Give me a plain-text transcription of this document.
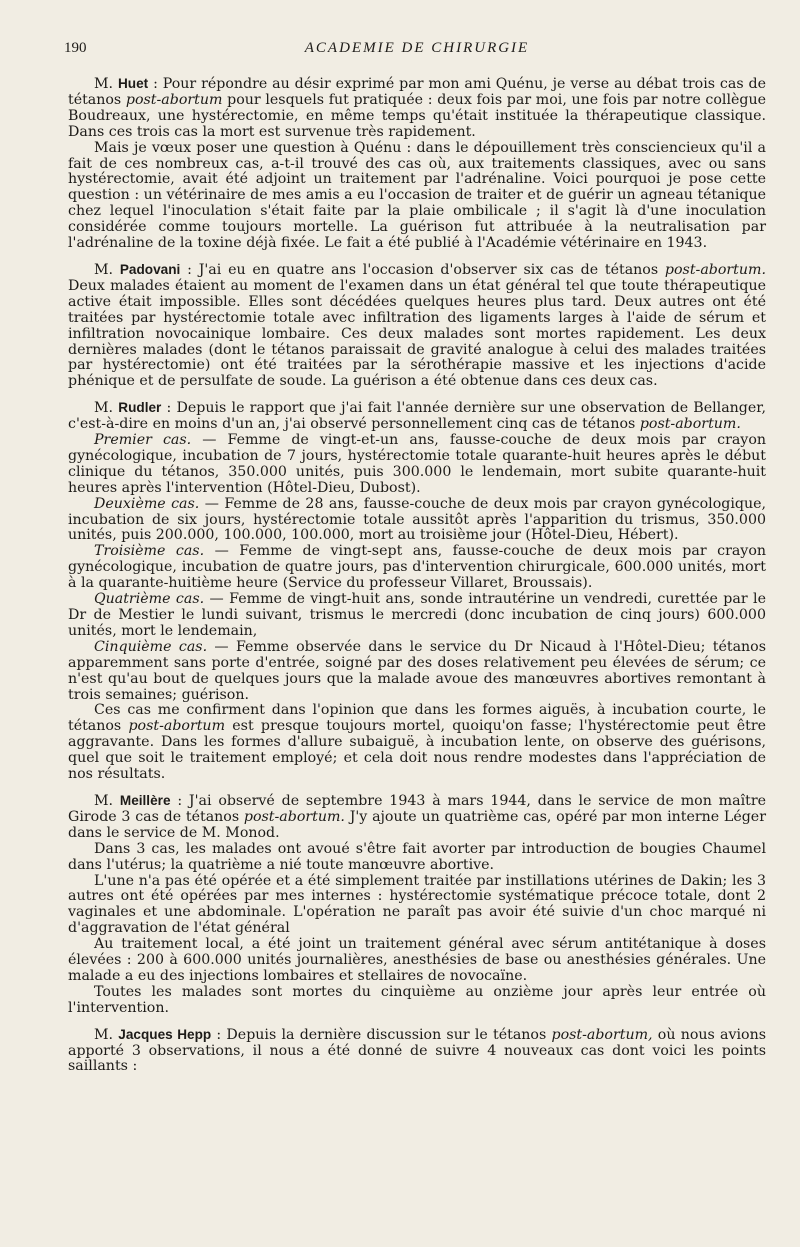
190	ACADEMIE DE CHIRURGIE

M. Huet : Pour répondre au désir exprimé par mon ami Quénu, je verse au débat trois cas de tétanos post-abortum pour lesquels fut pratiquée : deux fois par moi, une fois par notre collègue Boudreaux, une hystérectomie, en même temps qu'était instituée la thérapeutique classique. Dans ces trois cas la mort est survenue très rapidement.

Mais je vœux poser une question à Quénu : dans le dépouillement très consciencieux qu'il a fait de ces nombreux cas, a-t-il trouvé des cas où, aux traitements classiques, avec ou sans hystérectomie, avait été adjoint un traitement par l'adrénaline. Voici pourquoi je pose cette question : un vétérinaire de mes amis a eu l'occasion de traiter et de guérir un agneau tétanique chez lequel l'inoculation s'était faite par la plaie ombilicale ; il s'agit là d'une inoculation considérée comme toujours mortelle. La guérison fut attribuée à la neutralisation par l'adrénaline de la toxine déjà fixée. Le fait a été publié à l'Académie vétérinaire en 1943.

M. Padovani : J'ai eu en quatre ans l'occasion d'observer six cas de tétanos post-abortum. Deux malades étaient au moment de l'examen dans un état général tel que toute thérapeutique active était impossible. Elles sont décédées quelques heures plus tard. Deux autres ont été traitées par hystérectomie totale avec infiltration des ligaments larges à l'aide de sérum et infiltration novocainique lombaire. Ces deux malades sont mortes rapidement. Les deux dernières malades (dont le tétanos paraissait de gravité analogue à celui des malades traitées par hystérectomie) ont été traitées par la sérothérapie massive et les injections d'acide phénique et de persulfate de soude. La guérison a été obtenue dans ces deux cas.

M. Rudler : Depuis le rapport que j'ai fait l'année dernière sur une observation de Bellanger, c'est-à-dire en moins d'un an, j'ai observé personnellement cinq cas de tétanos post-abortum.

Premier cas. — Femme de vingt-et-un ans, fausse-couche de deux mois par crayon gynécologique, incubation de 7 jours, hystérectomie totale quarante-huit heures après le début clinique du tétanos, 350.000 unités, puis 300.000 le lendemain, mort subite quarante-huit heures après l'intervention (Hôtel-Dieu, Dubost).

Deuxième cas. — Femme de 28 ans, fausse-couche de deux mois par crayon gynécologique, incubation de six jours, hystérectomie totale aussitôt après l'apparition du trismus, 350.000 unités, puis 200.000, 100.000, 100.000, mort au troisième jour (Hôtel-Dieu, Hébert).

Troisième cas. — Femme de vingt-sept ans, fausse-couche de deux mois par crayon gynécologique, incubation de quatre jours, pas d'intervention chirurgicale, 600.000 unités, mort à la quarante-huitième heure (Service du professeur Villaret, Broussais).

Quatrième cas. — Femme de vingt-huit ans, sonde intrautérine un vendredi, curettée par le Dr de Mestier le lundi suivant, trismus le mercredi (donc incubation de cinq jours) 600.000 unités, mort le lendemain,

Cinquième cas. — Femme observée dans le service du Dr Nicaud à l'Hôtel-Dieu; tétanos apparemment sans porte d'entrée, soigné par des doses relativement peu élevées de sérum; ce n'est qu'au bout de quelques jours que la malade avoue des manœuvres abortives remontant à trois semaines; guérison.

Ces cas me confirment dans l'opinion que dans les formes aiguës, à incubation courte, le tétanos post-abortum est presque toujours mortel, quoiqu'on fasse; l'hystérectomie peut être aggravante. Dans les formes d'allure subaiguë, à incubation lente, on observe des guérisons, quel que soit le traitement employé; et cela doit nous rendre modestes dans l'appréciation de nos résultats.

M. Meillère : J'ai observé de septembre 1943 à mars 1944, dans le service de mon maître Girode 3 cas de tétanos post-abortum. J'y ajoute un quatrième cas, opéré par mon interne Léger dans le service de M. Monod.

Dans 3 cas, les malades ont avoué s'être fait avorter par introduction de bougies Chaumel dans l'utérus; la quatrième a nié toute manœuvre abortive.

L'une n'a pas été opérée et a été simplement traitée par instillations utérines de Dakin; les 3 autres ont été opérées par mes internes : hystérectomie systématique précoce totale, dont 2 vaginales et une abdominale. L'opération ne paraît pas avoir été suivie d'un choc marqué ni d'aggravation de l'état général

Au traitement local, a été joint un traitement général avec sérum antitétanique à doses élevées : 200 à 600.000 unités journalières, anesthésies de base ou anesthésies générales. Une malade a eu des injections lombaires et stellaires de novocaïne.

Toutes les malades sont mortes du cinquième au onzième jour après leur entrée où l'intervention.

M. Jacques Hepp : Depuis la dernière discussion sur le tétanos post-abortum, où nous avions apporté 3 observations, il nous a été donné de suivre 4 nouveaux cas dont voici les points saillants :
